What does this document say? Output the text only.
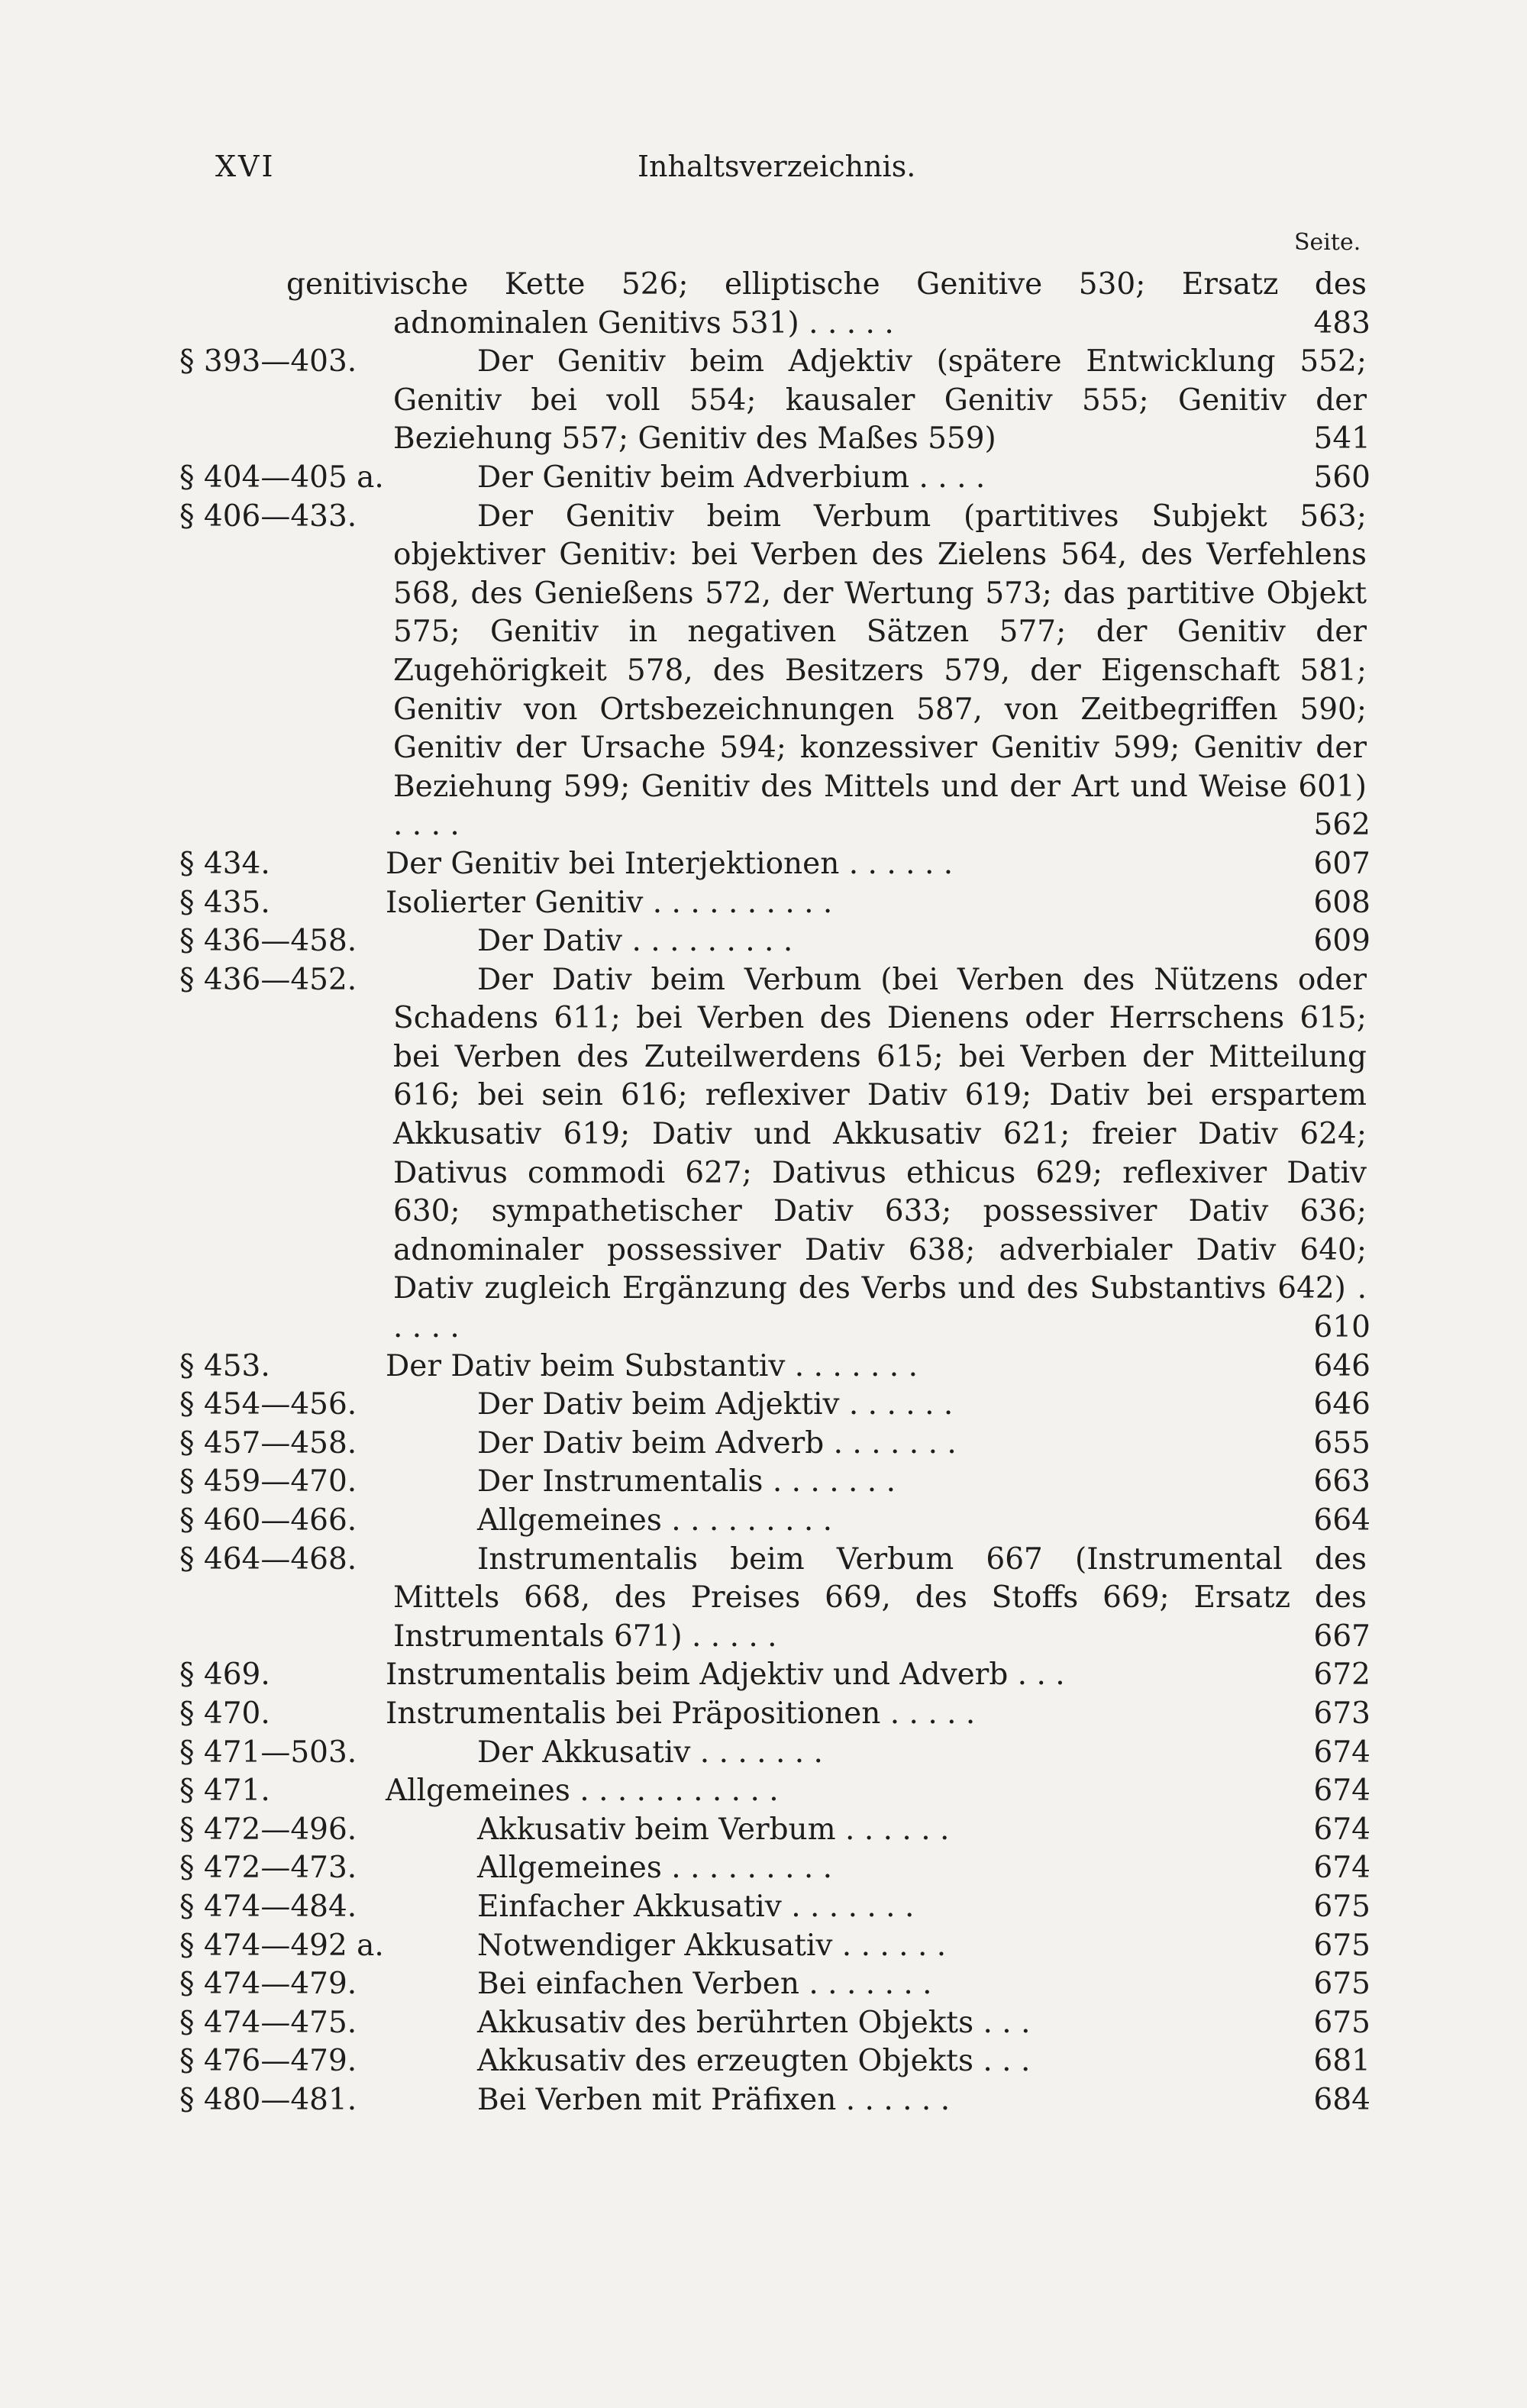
XVI	Inhaltsverzeichnis.
Seite.
genitivische Kette 526; elliptische Genitive 530; Ersatz des adnominalen Genitivs 531) . . . . .	483
§ 393—403.	Der Genitiv beim Adjektiv (spätere Entwicklung 552; Genitiv bei voll 554; kausaler Genitiv 555; Genitiv der Beziehung 557; Genitiv des Maßes 559)	541
§ 404—405 a.	Der Genitiv beim Adverbium . . . .	560
§ 406—433.	Der Genitiv beim Verbum (partitives Subjekt 563; objektiver Genitiv: bei Verben des Zielens 564, des Verfehlens 568, des Genießens 572, der Wertung 573; das partitive Objekt 575; Genitiv in negativen Sätzen 577; der Genitiv der Zugehörigkeit 578, des Besitzers 579, der Eigenschaft 581; Genitiv von Ortsbezeichnungen 587, von Zeitbegriffen 590; Genitiv der Ursache 594; konzessiver Genitiv 599; Genitiv der Beziehung 599; Genitiv des Mittels und der Art und Weise 601) . . . .	562
§ 434.	Der Genitiv bei Interjektionen . . . . . .	607
§ 435.	Isolierter Genitiv . . . . . . . . . .	608
§ 436—458.	Der Dativ . . . . . . . . .	609
§ 436—452.	Der Dativ beim Verbum (bei Verben des Nützens oder Schadens 611; bei Verben des Dienens oder Herrschens 615; bei Verben des Zuteilwerdens 615; bei Verben der Mitteilung 616; bei sein 616; reflexiver Dativ 619; Dativ bei erspartem Akkusativ 619; Dativ und Akkusativ 621; freier Dativ 624; Dativus commodi 627; Dativus ethicus 629; reflexiver Dativ 630; sympathetischer Dativ 633; possessiver Dativ 636; adnominaler possessiver Dativ 638; adverbialer Dativ 640; Dativ zugleich Ergänzung des Verbs und des Substantivs 642) . . . . .	610
§ 453.	Der Dativ beim Substantiv . . . . . . .	646
§ 454—456.	Der Dativ beim Adjektiv . . . . . .	646
§ 457—458.	Der Dativ beim Adverb . . . . . . .	655
§ 459—470.	Der Instrumentalis . . . . . . .	663
§ 460—466.	Allgemeines . . . . . . . . .	664
§ 464—468.	Instrumentalis beim Verbum 667 (Instrumental des Mittels 668, des Preises 669, des Stoffs 669; Ersatz des Instrumentals 671) . . . . .	667
§ 469.	Instrumentalis beim Adjektiv und Adverb . . .	672
§ 470.	Instrumentalis bei Präpositionen . . . . .	673
§ 471—503.	Der Akkusativ . . . . . . .	674
§ 471.	Allgemeines . . . . . . . . . . .	674
§ 472—496.	Akkusativ beim Verbum . . . . . .	674
§ 472—473.	Allgemeines . . . . . . . . .	674
§ 474—484.	Einfacher Akkusativ . . . . . . .	675
§ 474—492 a.	Notwendiger Akkusativ . . . . . .	675
§ 474—479.	Bei einfachen Verben . . . . . . .	675
§ 474—475.	Akkusativ des berührten Objekts . . .	675
§ 476—479.	Akkusativ des erzeugten Objekts . . .	681
§ 480—481.	Bei Verben mit Präfixen . . . . . .	684
